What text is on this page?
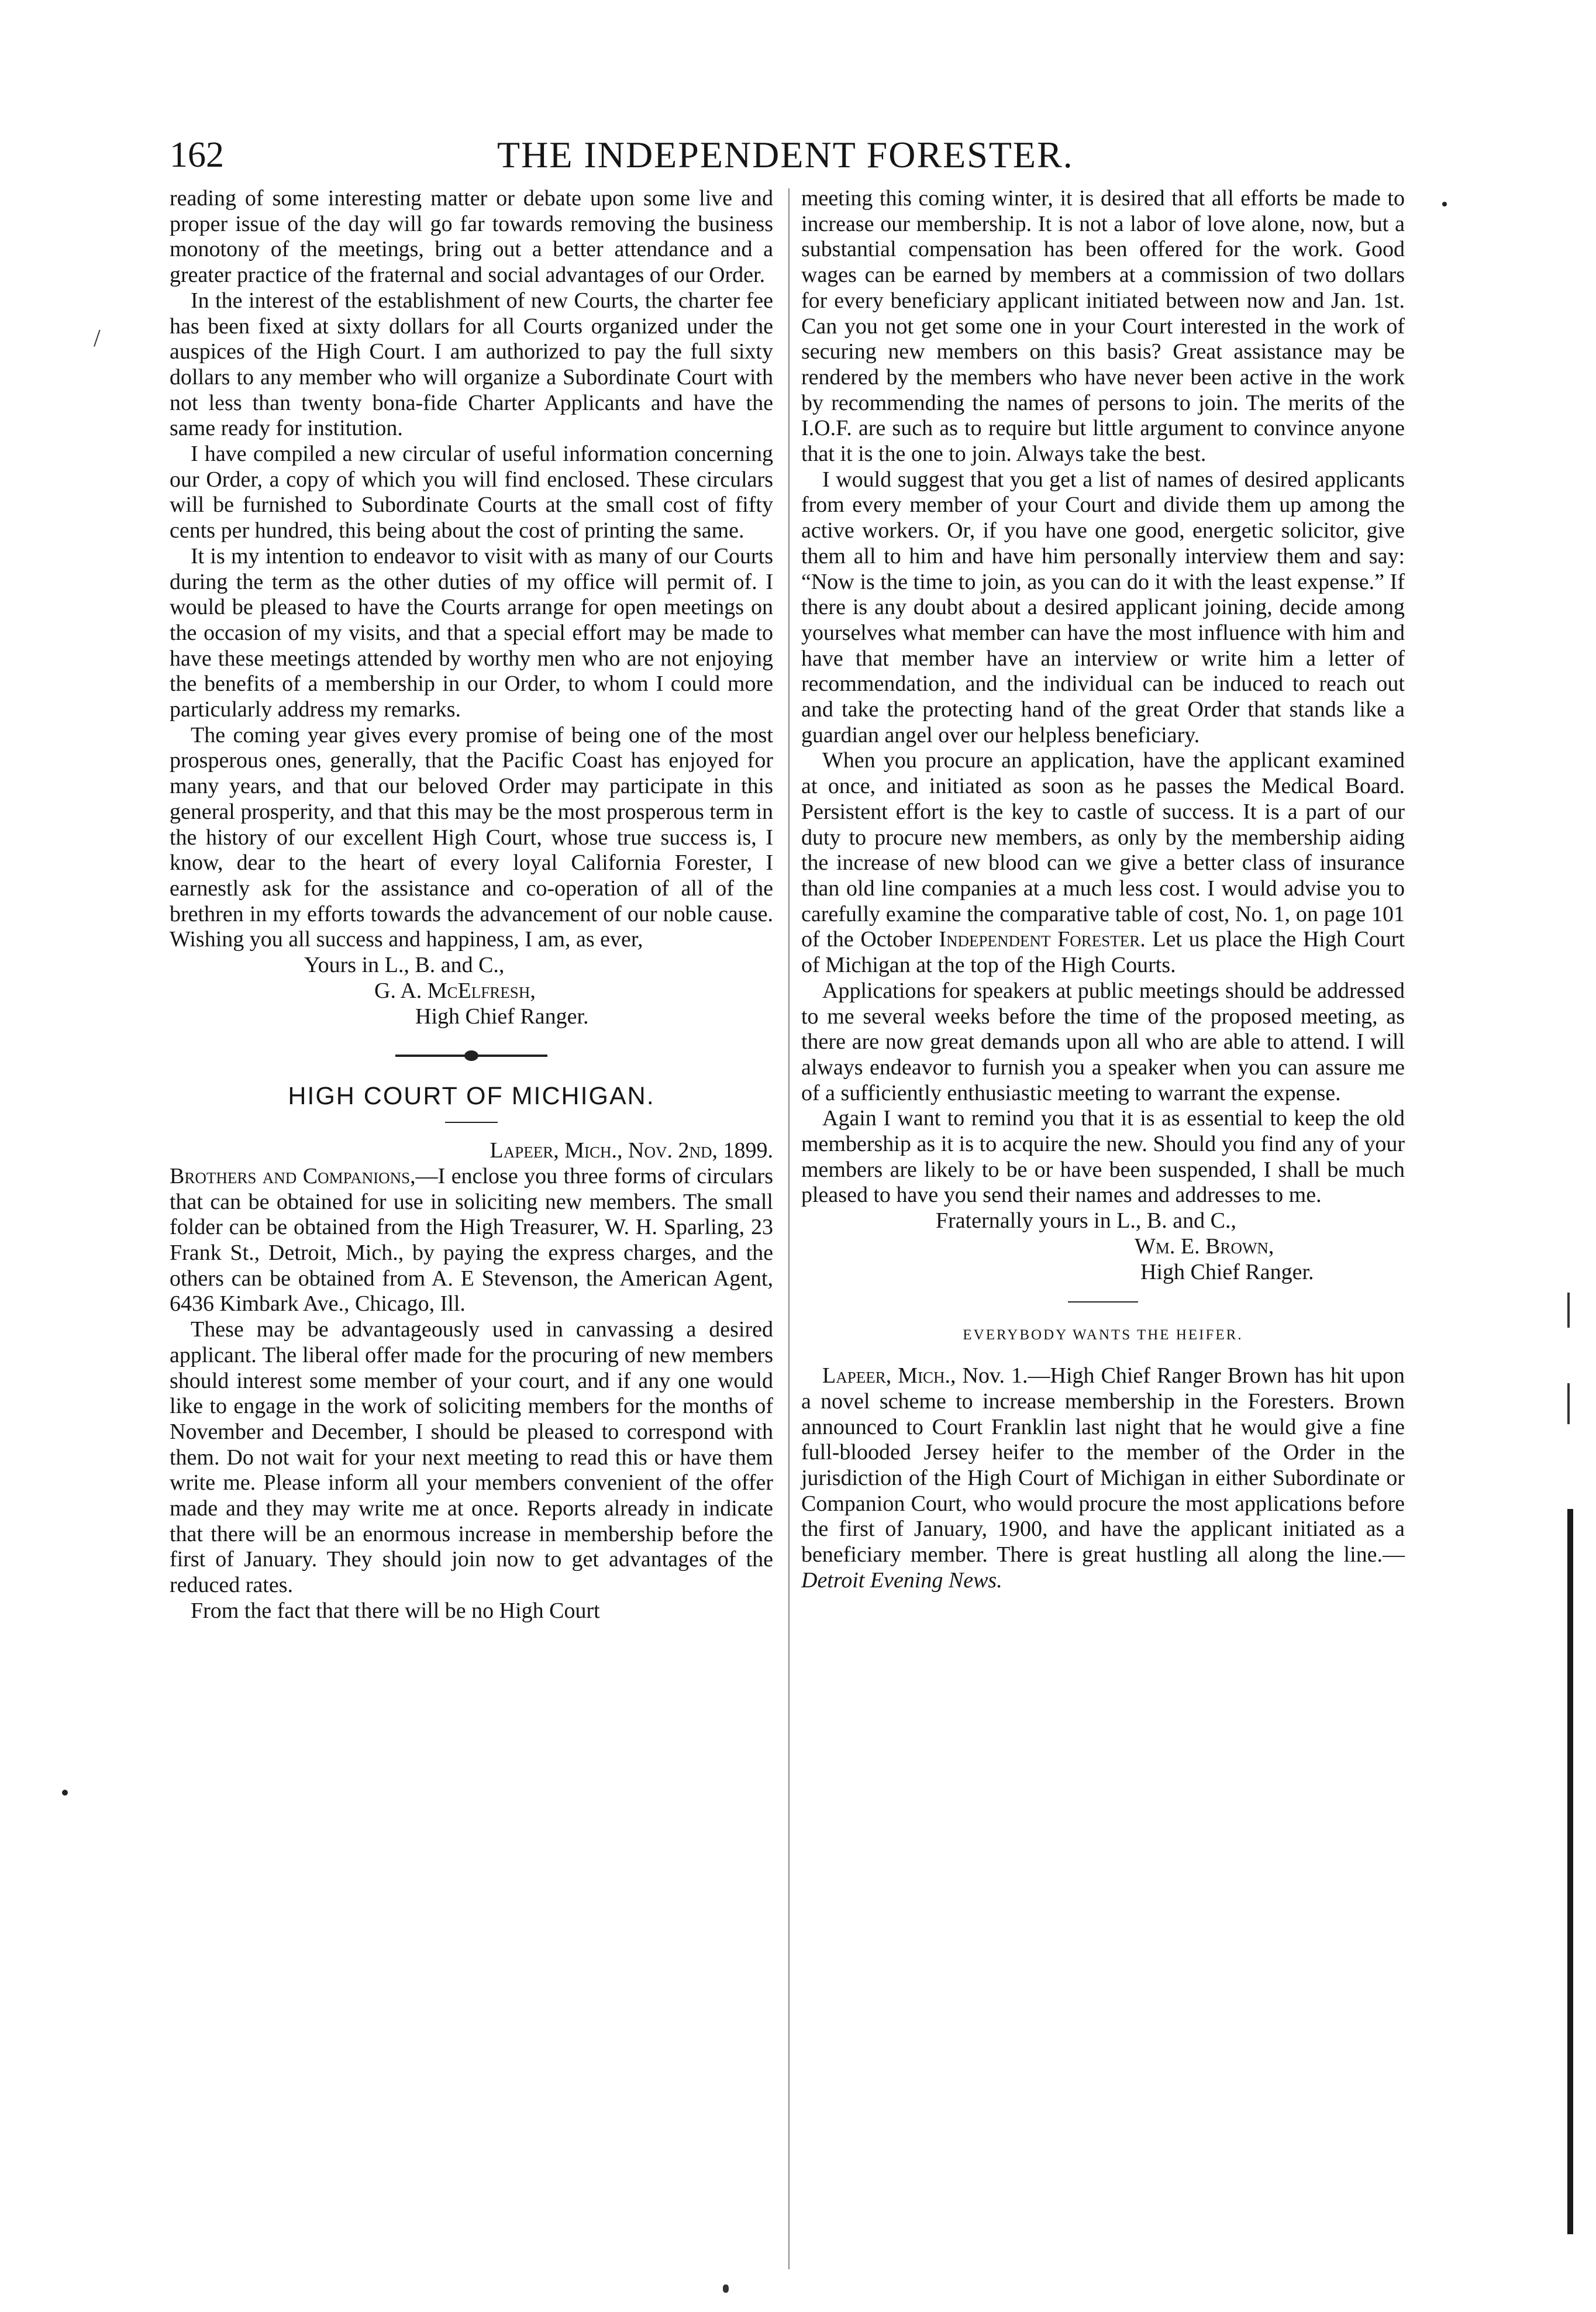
162	THE INDEPENDENT FORESTER.

reading of some interesting matter or debate upon some live and proper issue of the day will go far towards removing the business monotony of the meetings, bring out a better attendance and a greater practice of the fraternal and social advantages of our Order.

In the interest of the establishment of new Courts, the charter fee has been fixed at sixty dollars for all Courts organized under the auspices of the High Court. I am authorized to pay the full sixty dollars to any member who will organize a Subordinate Court with not less than twenty bona-fide Charter Applicants and have the same ready for institution.

I have compiled a new circular of useful information concerning our Order, a copy of which you will find enclosed. These circulars will be furnished to Subordinate Courts at the small cost of fifty cents per hundred, this being about the cost of printing the same.

It is my intention to endeavor to visit with as many of our Courts during the term as the other duties of my office will permit of. I would be pleased to have the Courts arrange for open meetings on the occasion of my visits, and that a special effort may be made to have these meetings attended by worthy men who are not enjoying the benefits of a membership in our Order, to whom I could more particularly address my remarks.

The coming year gives every promise of being one of the most prosperous ones, generally, that the Pacific Coast has enjoyed for many years, and that our beloved Order may participate in this general prosperity, and that this may be the most prosperous term in the history of our excellent High Court, whose true success is, I know, dear to the heart of every loyal California Forester, I earnestly ask for the assistance and co-operation of all of the brethren in my efforts towards the advancement of our noble cause. Wishing you all success and happiness, I am, as ever,

Yours in L., B. and C.,
G. A. McElfresh,
High Chief Ranger.
HIGH COURT OF MICHIGAN.

Lapeer, Mich., Nov. 2nd, 1899.

Brothers and Companions,—I enclose you three forms of circulars that can be obtained for use in soliciting new members. The small folder can be obtained from the High Treasurer, W. H. Sparling, 23 Frank St., Detroit, Mich., by paying the express charges, and the others can be obtained from A. E Stevenson, the American Agent, 6436 Kimbark Ave., Chicago, Ill.

These may be advantageously used in canvassing a desired applicant. The liberal offer made for the procuring of new members should interest some member of your court, and if any one would like to engage in the work of soliciting members for the months of November and December, I should be pleased to correspond with them. Do not wait for your next meeting to read this or have them write me. Please inform all your members convenient of the offer made and they may write me at once. Reports already in indicate that there will be an enormous increase in membership before the first of January. They should join now to get advantages of the reduced rates.

From the fact that there will be no High Court

meeting this coming winter, it is desired that all efforts be made to increase our membership. It is not a labor of love alone, now, but a substantial compensation has been offered for the work. Good wages can be earned by members at a commission of two dollars for every beneficiary applicant initiated between now and Jan. 1st. Can you not get some one in your Court interested in the work of securing new members on this basis? Great assistance may be rendered by the members who have never been active in the work by recommending the names of persons to join. The merits of the I.O.F. are such as to require but little argument to convince anyone that it is the one to join. Always take the best.

I would suggest that you get a list of names of desired applicants from every member of your Court and divide them up among the active workers. Or, if you have one good, energetic solicitor, give them all to him and have him personally interview them and say: “Now is the time to join, as you can do it with the least expense.” If there is any doubt about a desired applicant joining, decide among yourselves what member can have the most influence with him and have that member have an interview or write him a letter of recommendation, and the individual can be induced to reach out and take the protecting hand of the great Order that stands like a guardian angel over our helpless beneficiary.

When you procure an application, have the applicant examined at once, and initiated as soon as he passes the Medical Board. Persistent effort is the key to castle of success. It is a part of our duty to procure new members, as only by the membership aiding the increase of new blood can we give a better class of insurance than old line companies at a much less cost. I would advise you to carefully examine the comparative table of cost, No. 1, on page 101 of the October Independent Forester. Let us place the High Court of Michigan at the top of the High Courts.

Applications for speakers at public meetings should be addressed to me several weeks before the time of the proposed meeting, as there are now great demands upon all who are able to attend. I will always endeavor to furnish you a speaker when you can assure me of a sufficiently enthusiastic meeting to warrant the expense.

Again I want to remind you that it is as essential to keep the old membership as it is to acquire the new. Should you find any of your members are likely to be or have been suspended, I shall be much pleased to have you send their names and addresses to me.

Fraternally yours in L., B. and C.,
Wm. E. Brown,
High Chief Ranger.
EVERYBODY WANTS THE HEIFER.

Lapeer, Mich., Nov. 1.—High Chief Ranger Brown has hit upon a novel scheme to increase membership in the Foresters. Brown announced to Court Franklin last night that he would give a fine full-blooded Jersey heifer to the member of the Order in the jurisdiction of the High Court of Michigan in either Subordinate or Companion Court, who would procure the most applications before the first of January, 1900, and have the applicant initiated as a beneficiary member. There is great hustling all along the line.—Detroit Evening News.

/
